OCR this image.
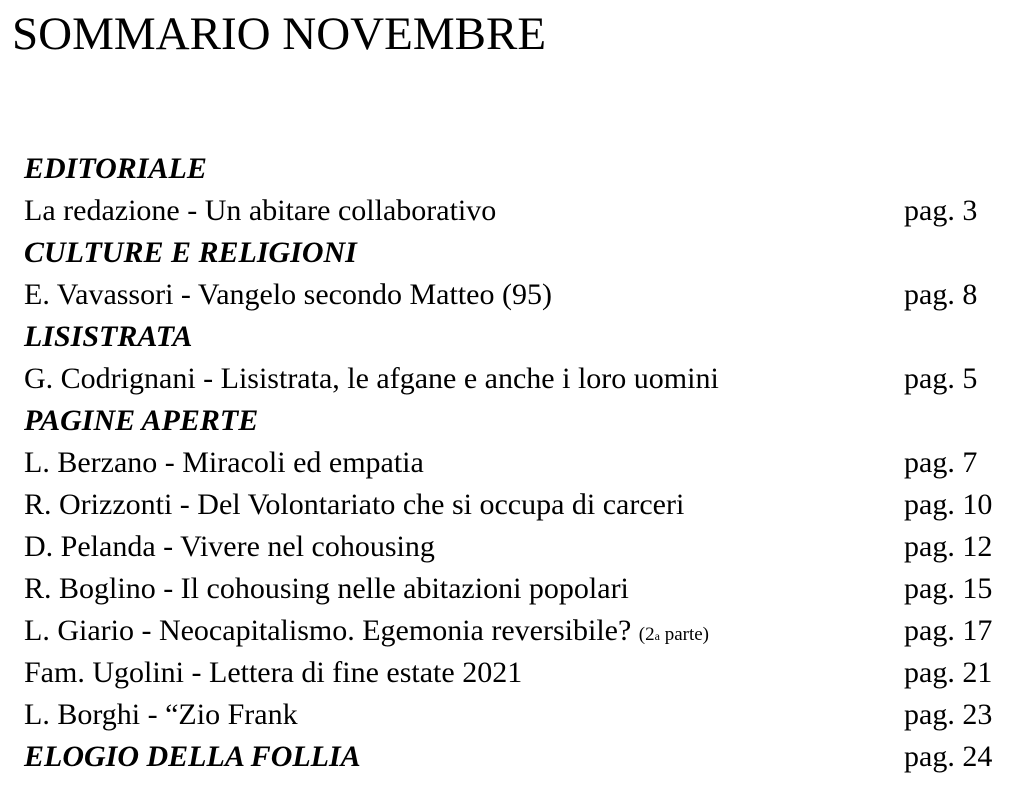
SOMMARIO NOVEMBRE
EDITORIALE
La redazione - Un abitare collaborativo	pag. 3
CULTURE E RELIGIONI
E. Vavassori - Vangelo secondo Matteo (95)	pag. 8
LISISTRATA
G. Codrignani - Lisistrata, le afgane e anche i loro uomini	pag. 5
PAGINE APERTE
L. Berzano - Miracoli ed empatia	pag. 7
R. Orizzonti - Del Volontariato che si occupa di carceri	pag. 10
D. Pelanda - Vivere nel cohousing	pag. 12
R. Boglino - Il cohousing nelle abitazioni popolari	pag. 15
L. Giario - Neocapitalismo. Egemonia reversibile? (2a parte)	pag. 17
Fam. Ugolini - Lettera di fine estate 2021	pag. 21
L. Borghi - “Zio Frank	pag. 23
ELOGIO DELLA FOLLIA	pag. 24
